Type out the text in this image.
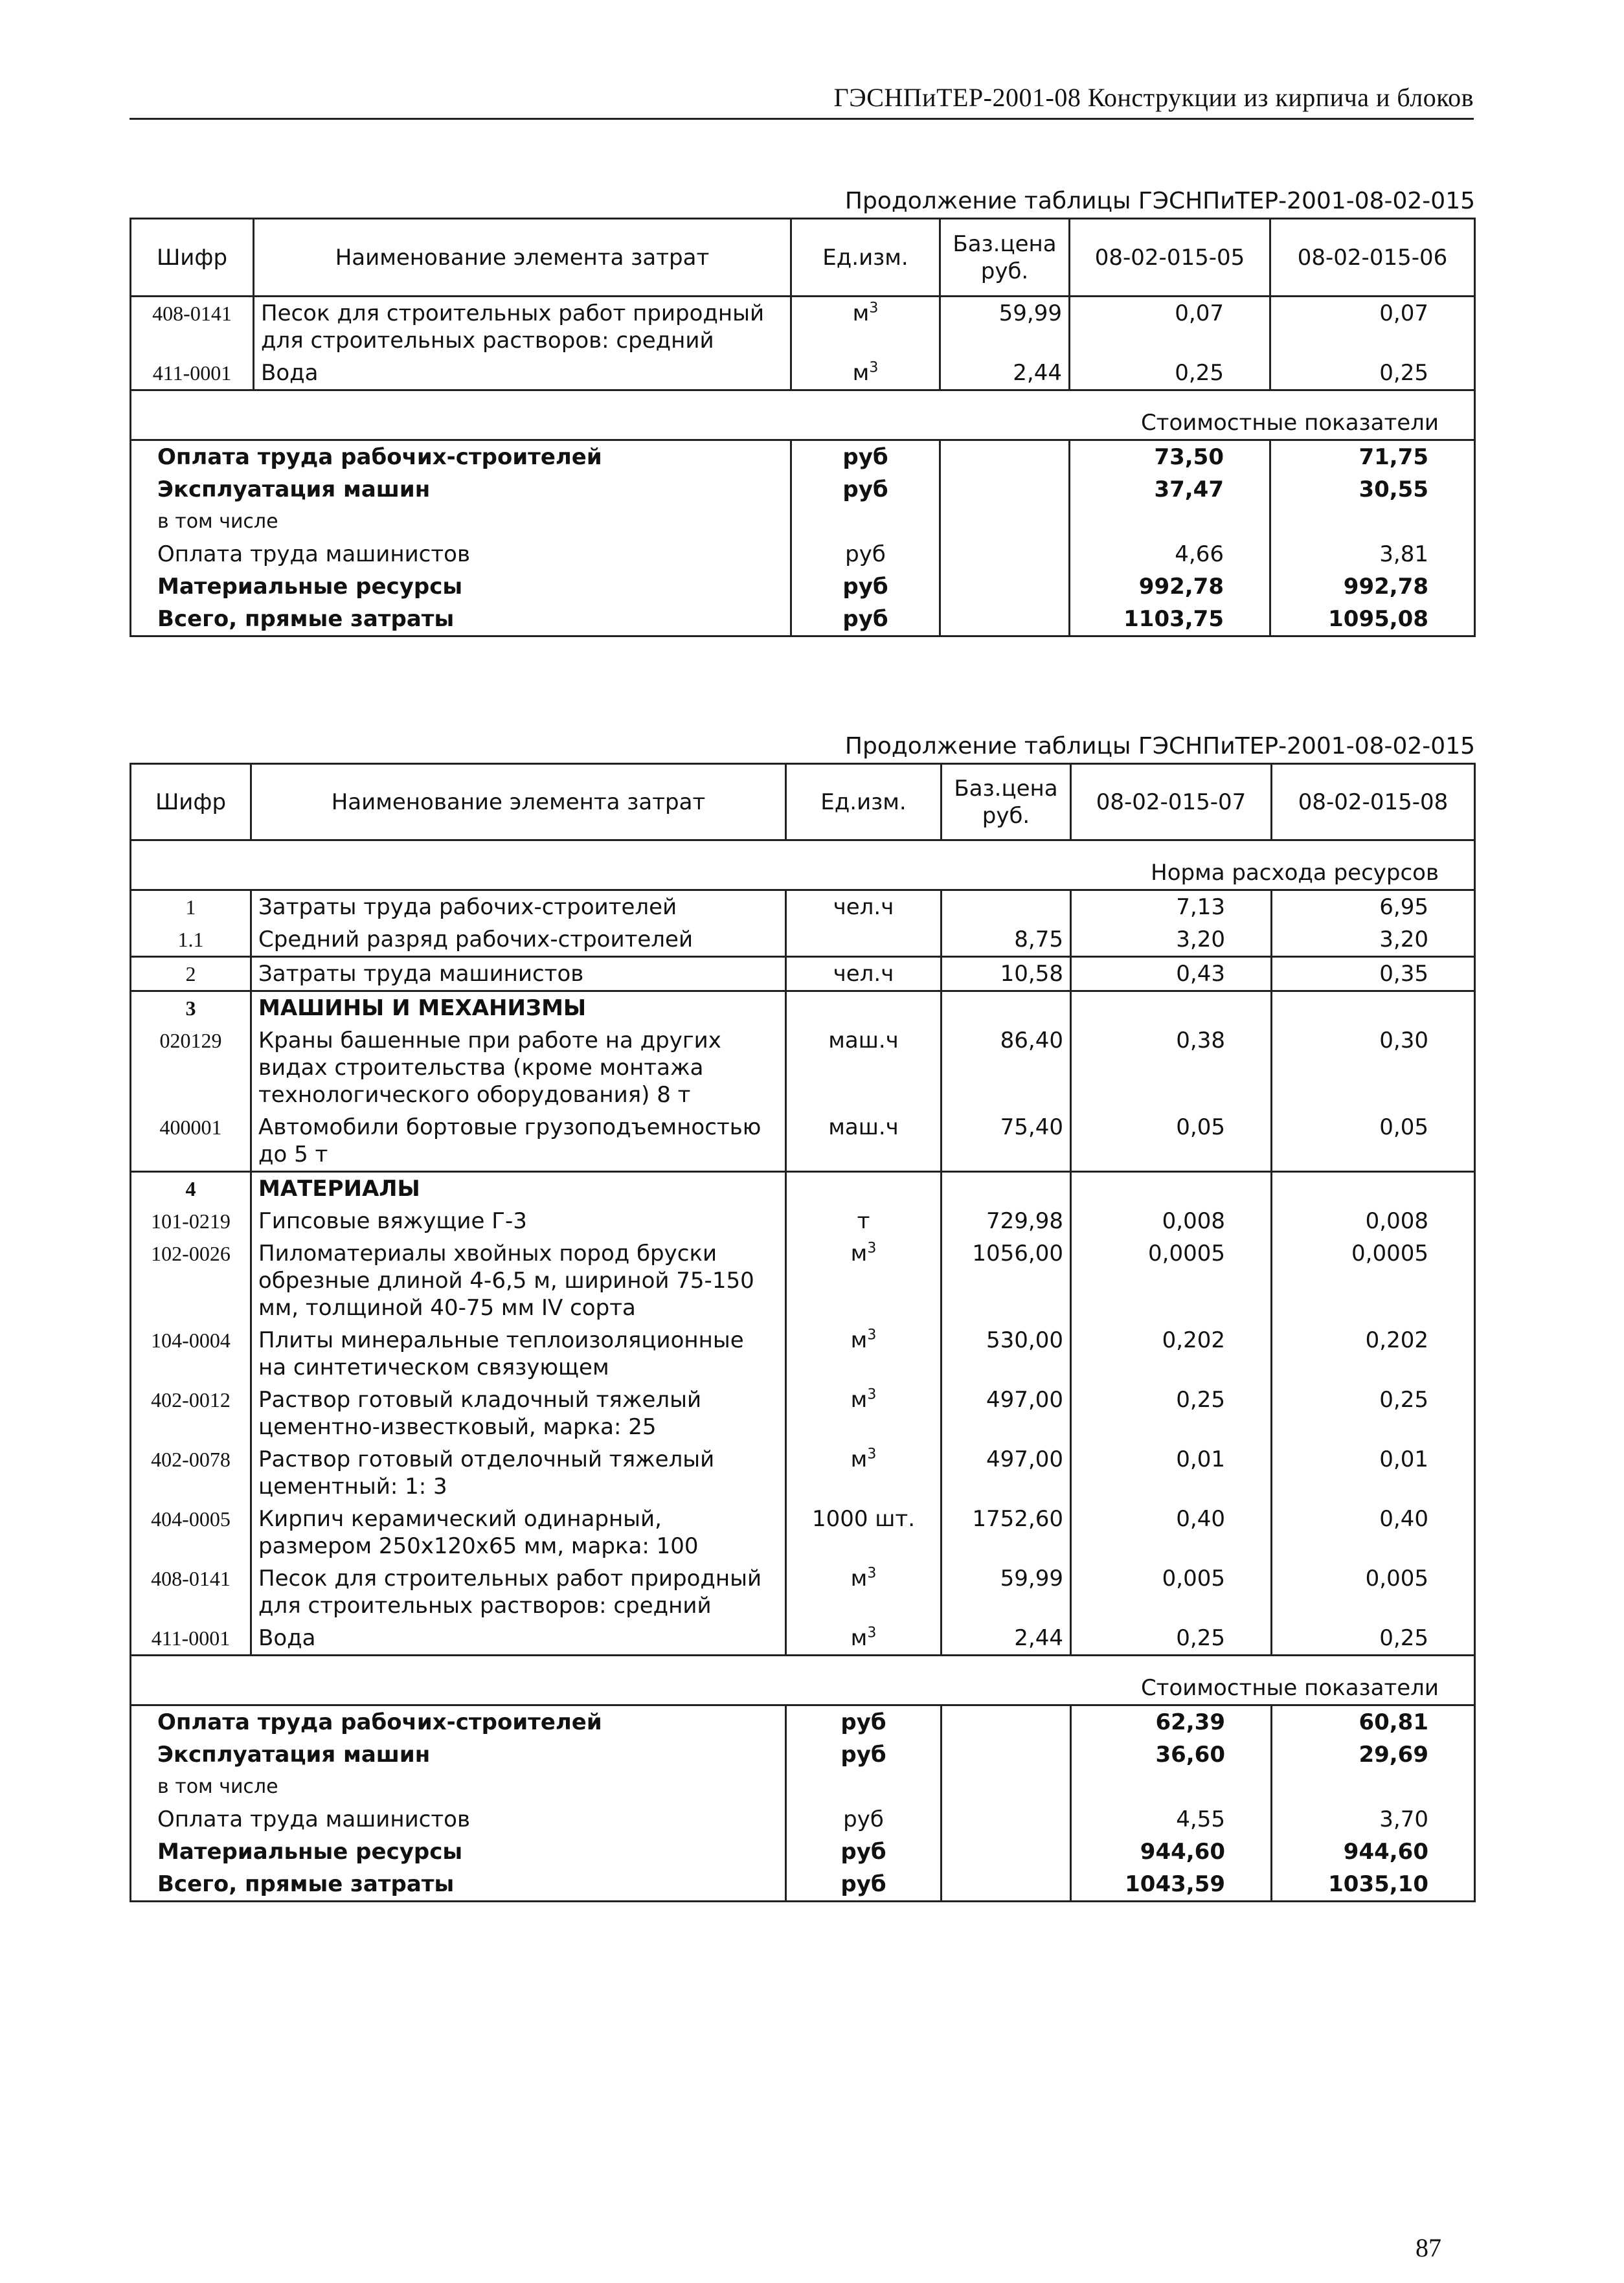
ГЭСНПиТЕР-2001-08 Конструкции из кирпича и блоков
Продолжение таблицы ГЭСНПиТЕР-2001-08-02-015
Шифр	Наименование элемента затрат	Ед.изм.	Баз.цена руб.	08-02-015-05	08-02-015-06
408-0141	Песок для строительных работ природный для строительных растворов: средний	$м^3$	59,99	0,07	0,07
411-0001	Вода	$м^3$	2,44	0,25	0,25
Стоимостные показатели					
Оплата труда рабочих-строителей		руб		73,50	71,75
Эксплуатация машин		руб		37,47	30,55
в том числе					
Оплата труда машинистов		руб		4,66	3,81
Материальные ресурсы		руб		992,78	992,78
Всего, прямые затраты		руб		1103,75	1095,08
Продолжение таблицы ГЭСНПиТЕР-2001-08-02-015
Шифр	Наименование элемента затрат	Ед.изм.	Баз.цена руб.	08-02-015-07	08-02-015-08
Норма расхода ресурсов					
1	Затраты труда рабочих-строителей	чел.ч		7,13	6,95
1.1	Средний разряд рабочих-строителей		8,75	3,20	3,20
2	Затраты труда машинистов	чел.ч	10,58	0,43	0,35
3	МАШИНЫ И МЕХАНИЗМЫ				
020129	Краны башенные при работе на других видах строительства (кроме монтажа технологического оборудования) 8 т	маш.ч	86,40	0,38	0,30
400001	Автомобили бортовые грузоподъемностью до 5 т	маш.ч	75,40	0,05	0,05
4	МАТЕРИАЛЫ				
101-0219	Гипсовые вяжущие Г-3	т	729,98	0,008	0,008
102-0026	Пиломатериалы хвойных пород бруски обрезные длиной 4-6,5 м, шириной 75-150 мм, толщиной 40-75 мм IV сорта	$м^3$	1056,00	0,0005	0,0005
104-0004	Плиты минеральные теплоизоляционные на синтетическом связующем	$м^3$	530,00	0,202	0,202
402-0012	Раствор готовый кладочный тяжелый цементно-известковый, марка: 25	$м^3$	497,00	0,25	0,25
402-0078	Раствор готовый отделочный тяжелый цементный: 1: 3	$м^3$	497,00	0,01	0,01
404-0005	Кирпич керамический одинарный, размером 250х120х65 мм, марка: 100	1000 шт.	1752,60	0,40	0,40
408-0141	Песок для строительных работ природный для строительных растворов: средний	$м^3$	59,99	0,005	0,005
411-0001	Вода	$м^3$	2,44	0,25	0,25
Стоимостные показатели					
Оплата труда рабочих-строителей		руб		62,39	60,81
Эксплуатация машин		руб		36,60	29,69
в том числе					
Оплата труда машинистов		руб		4,55	3,70
Материальные ресурсы		руб		944,60	944,60
Всего, прямые затраты		руб		1043,59	1035,10
87
